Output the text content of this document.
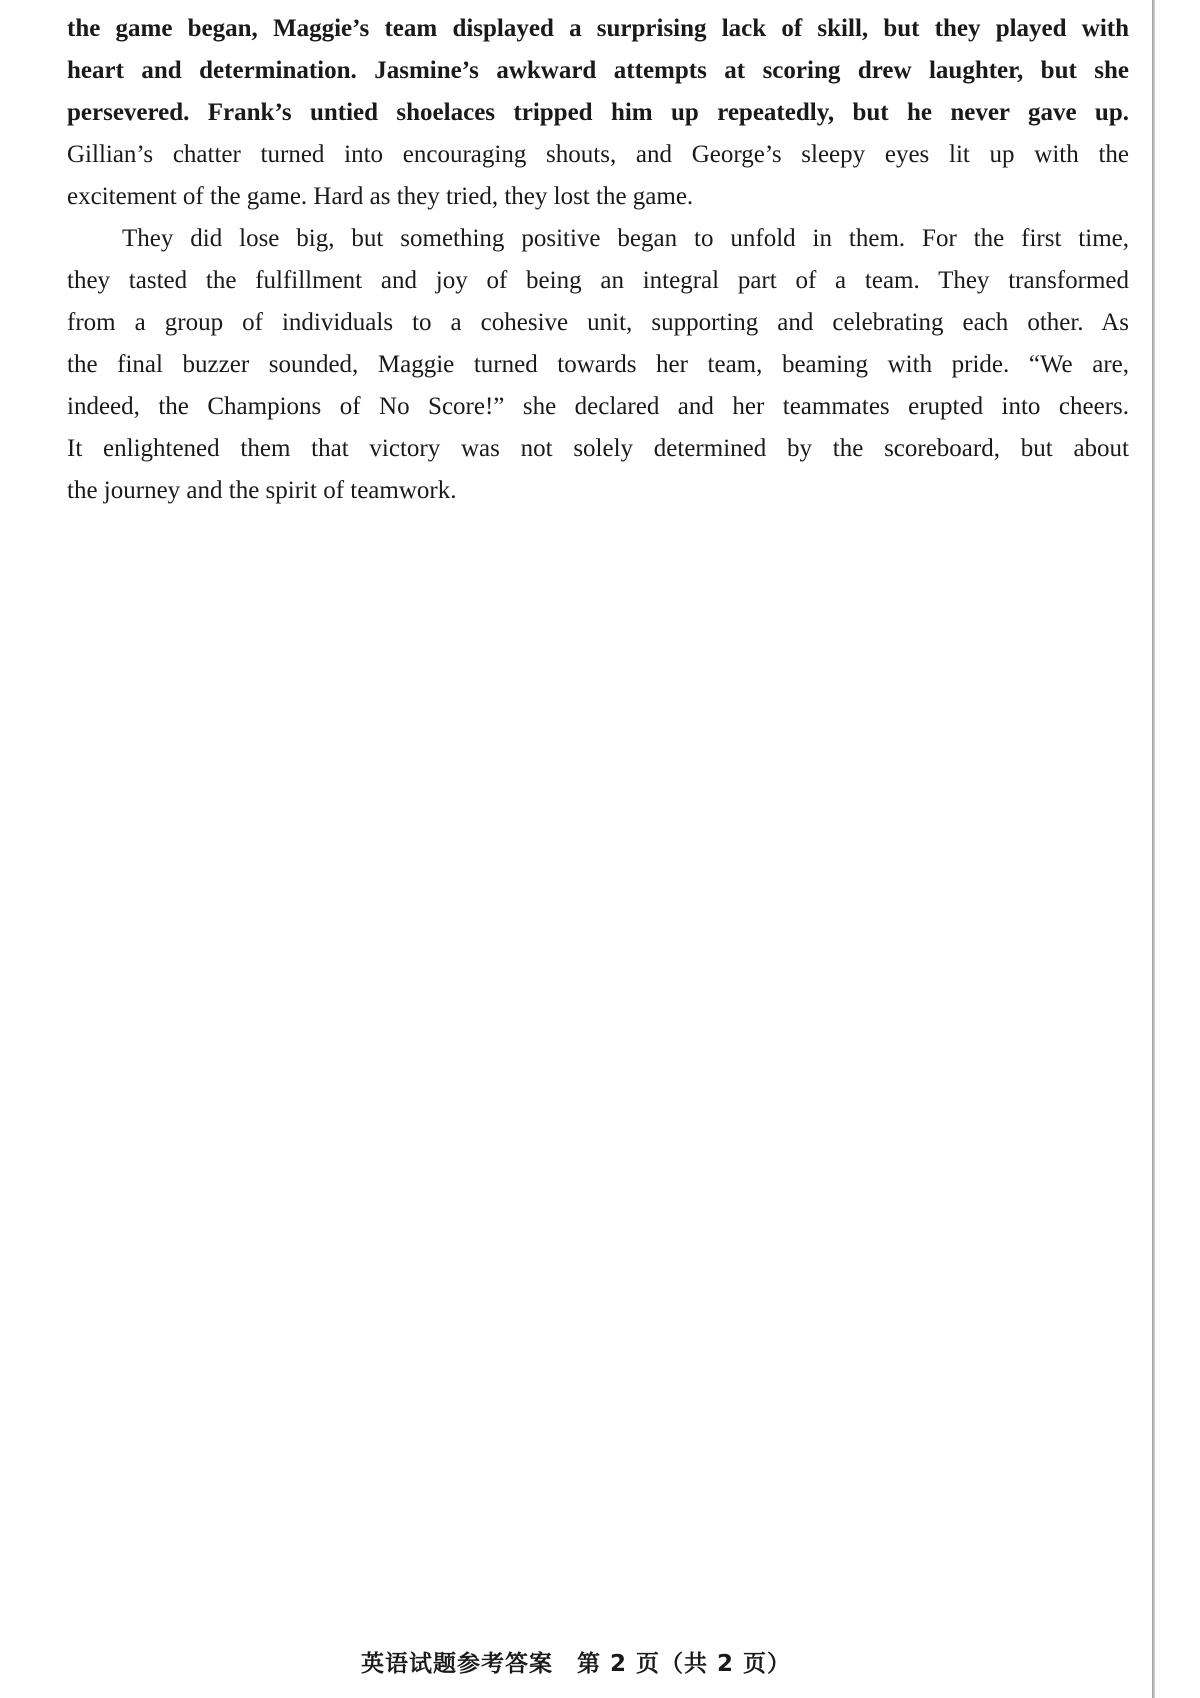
the game began, Maggie’s team displayed a surprising lack of skill, but they played with
heart and determination. Jasmine’s awkward attempts at scoring drew laughter, but she
persevered. Frank’s untied shoelaces tripped him up repeatedly, but he never gave up.
Gillian’s chatter turned into encouraging shouts, and George’s sleepy eyes lit up with the
excitement of the game. Hard as they tried, they lost the game.

They did lose big, but something positive began to unfold in them. For the first time,
they tasted the fulfillment and joy of being an integral part of a team. They transformed
from a group of individuals to a cohesive unit, supporting and celebrating each other. As
the final buzzer sounded, Maggie turned towards her team, beaming with pride. “We are,
indeed, the Champions of No Score!” she declared and her teammates erupted into cheers.
It enlightened them that victory was not solely determined by the scoreboard, but about
the journey and the spirit of teamwork.

英语试题参考答案　第 2 页（共 2 页）
